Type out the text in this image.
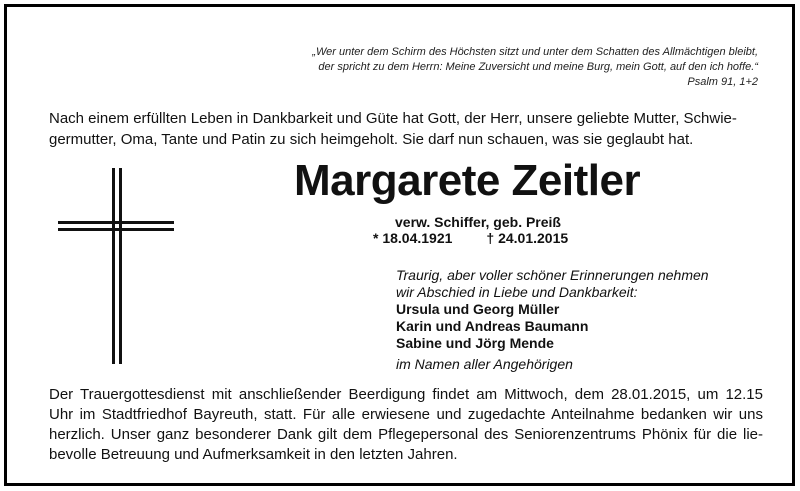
„Wer unter dem Schirm des Höchsten sitzt und unter dem Schatten des Allmächtigen bleibt,
der spricht zu dem Herrn: Meine Zuversicht und meine Burg, mein Gott, auf den ich hoffe.“
Psalm 91, 1+2
Nach einem erfüllten Leben in Dankbarkeit und Güte hat Gott, der Herr, unsere geliebte Mutter, Schwie-
germutter, Oma, Tante und Patin zu sich heimgeholt. Sie darf nun schauen, was sie geglaubt hat.
Margarete Zeitler
verw. Schiffer, geb. Preiß
* 18.04.1921 † 24.01.2015
Traurig, aber voller schöner Erinnerungen nehmen
wir Abschied in Liebe und Dankbarkeit:
Ursula und Georg Müller
Karin und Andreas Baumann
Sabine und Jörg Mende
im Namen aller Angehörigen
Der Trauergottesdienst mit anschließender Beerdigung findet am Mittwoch, dem 28.01.2015, um 12.15
Uhr im Stadtfriedhof Bayreuth, statt. Für alle erwiesene und zugedachte Anteilnahme bedanken wir uns
herzlich. Unser ganz besonderer Dank gilt dem Pflegepersonal des Seniorenzentrums Phönix für die lie-
bevolle Betreuung und Aufmerksamkeit in den letzten Jahren.
